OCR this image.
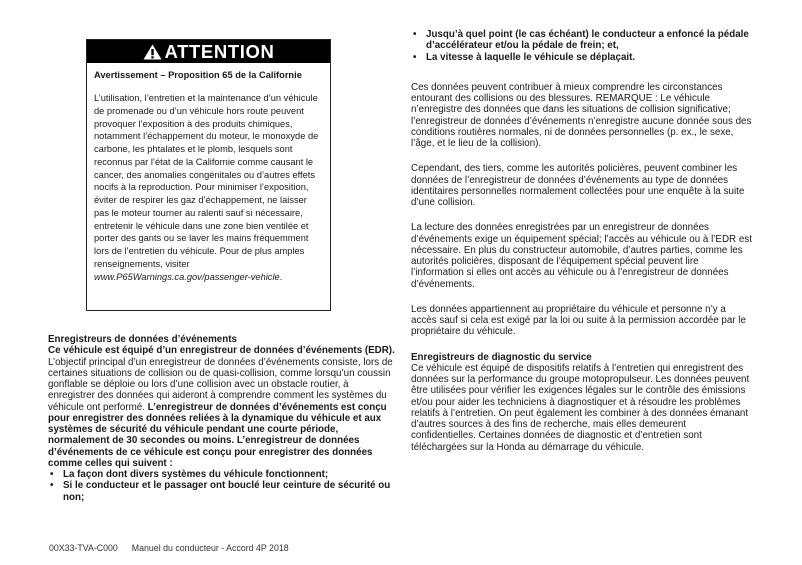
ATTENTION
Avertissement – Proposition 65 de la Californie
L’utilisation, l’entretien et la maintenance d’un véhicule de promenade ou d’un véhicule hors route peuvent provoquer l’exposition à des produits chimiques, notamment l’échappement du moteur, le monoxyde de carbone, les phtalates et le plomb, lesquels sont reconnus par l’état de la Californie comme causant le cancer, des anomalies congénitales ou d’autres effets nocifs à la reproduction. Pour minimiser l’exposition, éviter de respirer les gaz d’échappement, ne laisser pas le moteur tourner au ralenti sauf si nécessaire, entretenir le véhicule dans une zone bien ventilée et porter des gants ou se laver les mains fréquemment lors de l’entretien du véhicule. Pour de plus amples renseignements, visiter www.P65Warnings.ca.gov/passenger-vehicle.
Enregistreurs de données d’événements
Ce véhicule est équipé d’un enregistreur de données d’événements (EDR). L’objectif principal d’un enregistreur de données d’événements consiste, lors de certaines situations de collision ou de quasi-collision, comme lorsqu’un coussin gonflable se déploie ou lors d’une collision avec un obstacle routier, à enregistrer des données qui aideront à comprendre comment les systèmes du véhicule ont performé. L’enregistreur de données d’événements est conçu pour enregistrer des données reliées à la dynamique du véhicule et aux systèmes de sécurité du véhicule pendant une courte période, normalement de 30 secondes ou moins. L’enregistreur de données d’événements de ce véhicule est conçu pour enregistrer des données comme celles qui suivent :
• La façon dont divers systèmes du véhicule fonctionnent;
• Si le conducteur et le passager ont bouclé leur ceinture de sécurité ou non;
• Jusqu’à quel point (le cas échéant) le conducteur a enfoncé la pédale d’accélérateur et/ou la pédale de frein; et,
• La vitesse à laquelle le véhicule se déplaçait.
Ces données peuvent contribuer à mieux comprendre les circonstances entourant des collisions ou des blessures. REMARQUE : Le véhicule n’enregistre des données que dans les situations de collision significative; l’enregistreur de données d’événements n’enregistre aucune donnée sous des conditions routières normales, ni de données personnelles (p. ex., le sexe, l’âge, et le lieu de la collision).
Cependant, des tiers, comme les autorités policières, peuvent combiner les données de l’enregistreur de données d’événements au type de données identitaires personnelles normalement collectées pour une enquête à la suite d’une collision.
La lecture des données enregistrées par un enregistreur de données d’événements exige un équipement spécial; l’accès au véhicule ou à l’EDR est nécessaire. En plus du constructeur automobile, d’autres parties, comme les autorités policières, disposant de l’équipement spécial peuvent lire l’information si elles ont accès au véhicule ou à l’enregistreur de données d’événements.
Les données appartiennent au propriétaire du véhicule et personne n’y a accès sauf si cela est exigé par la loi ou suite à la permission accordée par le propriétaire du véhicule.
Enregistreurs de diagnostic du service
Ce véhicule est équipé de dispositifs relatifs à l’entretien qui enregistrent des données sur la performance du groupe motopropulseur. Les données peuvent être utilisées pour vérifier les exigences légales sur le contrôle des émissions et/ou pour aider les techniciens à diagnostiquer et à résoudre les problèmes relatifs à l’entretien. On peut également les combiner à des données émanant d’autres sources à des fins de recherche, mais elles demeurent confidentielles. Certaines données de diagnostic et d’entretien sont téléchargées sur la Honda au démarrage du véhicule.
00X33-TVA-C000 Manuel du conducteur - Accord 4P 2018
